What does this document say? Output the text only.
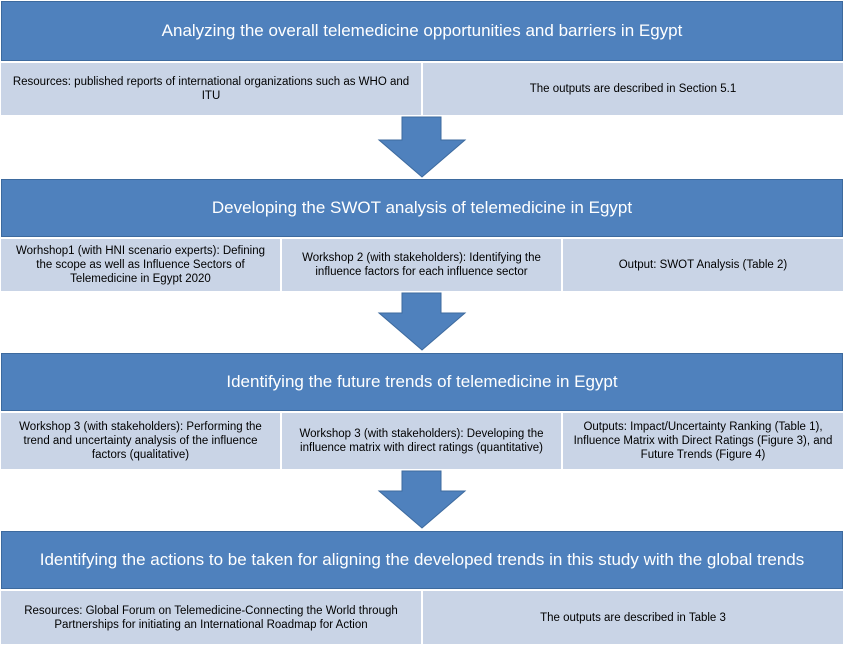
Analyzing the overall telemedicine opportunities and barriers in Egypt
Resources: published reports of international organizations such as WHO and ITU
The outputs are described in Section 5.1
Developing the SWOT analysis of telemedicine in Egypt
Worhshop1 (with HNI scenario experts): Defining the scope as well as Influence Sectors of Telemedicine in Egypt 2020
Workshop 2 (with stakeholders): Identifying the influence factors for each influence sector
Output: SWOT Analysis (Table 2)
Identifying the future trends of telemedicine in Egypt
Workshop 3 (with stakeholders): Performing the trend and uncertainty analysis of the influence factors (qualitative)
Workshop 3 (with stakeholders): Developing the influence matrix with direct ratings (quantitative)
Outputs: Impact/Uncertainty Ranking (Table 1), Influence Matrix with Direct Ratings (Figure 3), and Future Trends (Figure 4)
Identifying the actions to be taken for aligning the developed trends in this study with the global trends
Resources: Global Forum on Telemedicine-Connecting the World through Partnerships for initiating an International Roadmap for Action
The outputs are described in Table 3
